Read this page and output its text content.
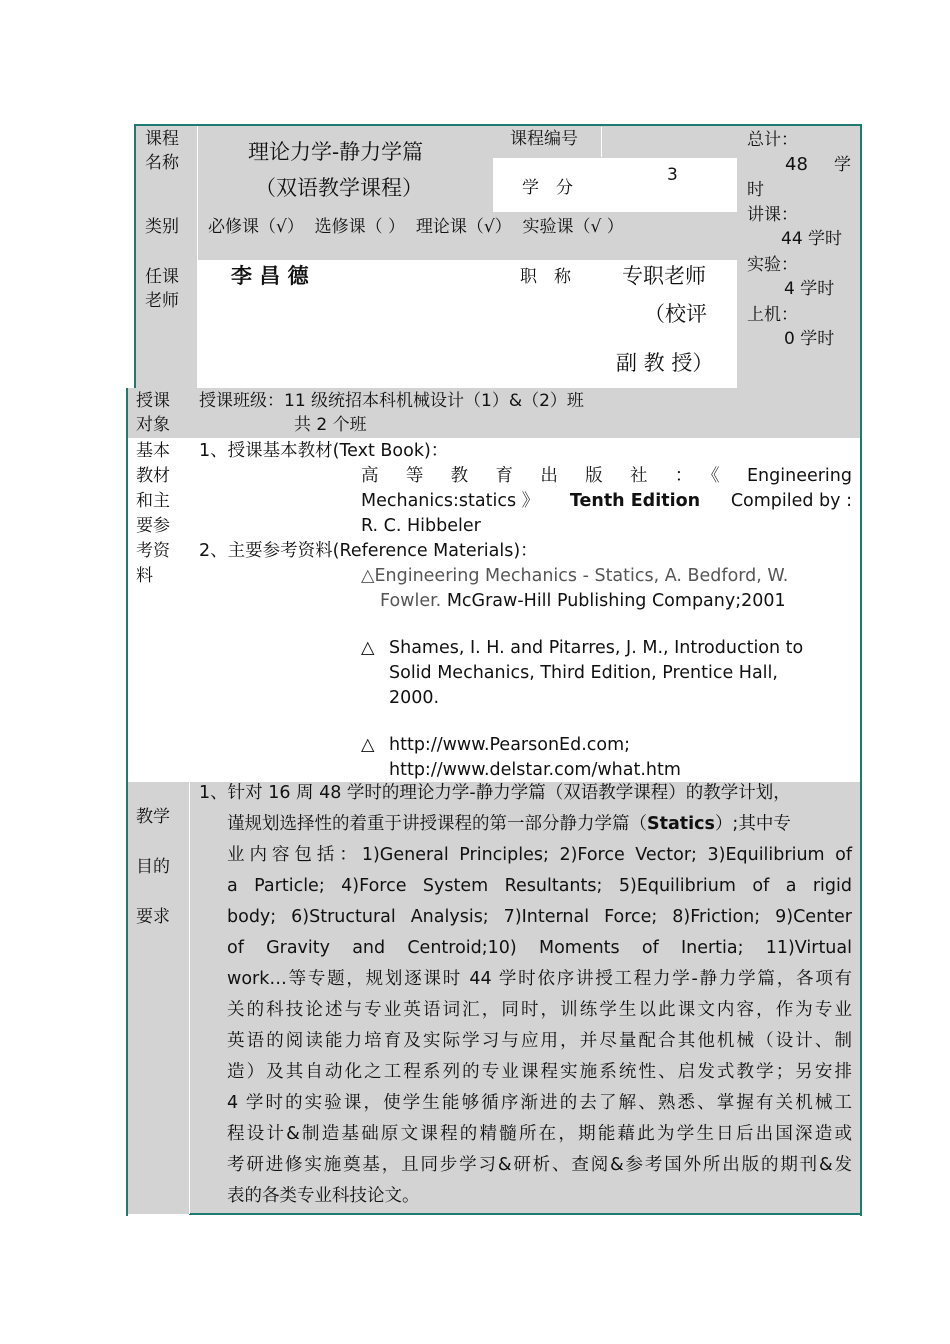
课程
名称	理论力学-静力学篇
（双语教学课程）
课程编号
3
学　分
类别 必修课（√）  选修课（ ）  理论课（√）  实验课（√ ）
总计：
48 学
时
讲课：
44 学时
实验：
4 学时
上机：
0 学时
任课
老师
李 昌 德	职　称 专职老师
（校评
副 教 授）
授课
对象
授课班级：11 级统招本科机械设计（1）&（2）班
共 2 个班
基本
教材
和主
要参
考资
料
1、授课基本教材(Text Book)：
高　等　教　育　出　版　社　：　《　Engineering
Mechanics:statics 》 Tenth Edition Compiled by :
R. C. Hibbeler
2、主要参考资料(Reference Materials)：
△Engineering Mechanics - Statics, A. Bedford, W.
Fowler. McGraw-Hill Publishing Company;2001
△ Shames, I. H. and Pitarres, J. M., Introduction to
Solid Mechanics, Third Edition, Prentice Hall,
2000.
△ http://www.PearsonEd.com;
http://www.delstar.com/what.htm
教学
目的
要求
1、针对 16 周 48 学时的理论力学-静力学篇（双语教学课程）的教学计划，
谨规划选择性的着重于讲授课程的第一部分静力学篇（Statics）;其中专
业内容包括：1)General Principles; 2)Force Vector; 3)Equilibrium of
a Particle; 4)Force System Resultants; 5)Equilibrium of a rigid
body; 6)Structural Analysis; 7)Internal Force; 8)Friction; 9)Center
of Gravity and Centroid;10) Moments of Inertia; 11)Virtual
work…等专题，规划逐课时 44 学时依序讲授工程力学-静力学篇，各项有
关的科技论述与专业英语词汇，同时，训练学生以此课文内容，作为专业
英语的阅读能力培育及实际学习与应用，并尽量配合其他机械（设计、制
造）及其自动化之工程系列的专业课程实施系统性、启发式教学；另安排
4 学时的实验课，使学生能够循序渐进的去了解、熟悉、掌握有关机械工
程设计&制造基础原文课程的精髓所在，期能藉此为学生日后出国深造或
考研进修实施奠基，且同步学习&研析、查阅&参考国外所出版的期刊&发
表的各类专业科技论文。
